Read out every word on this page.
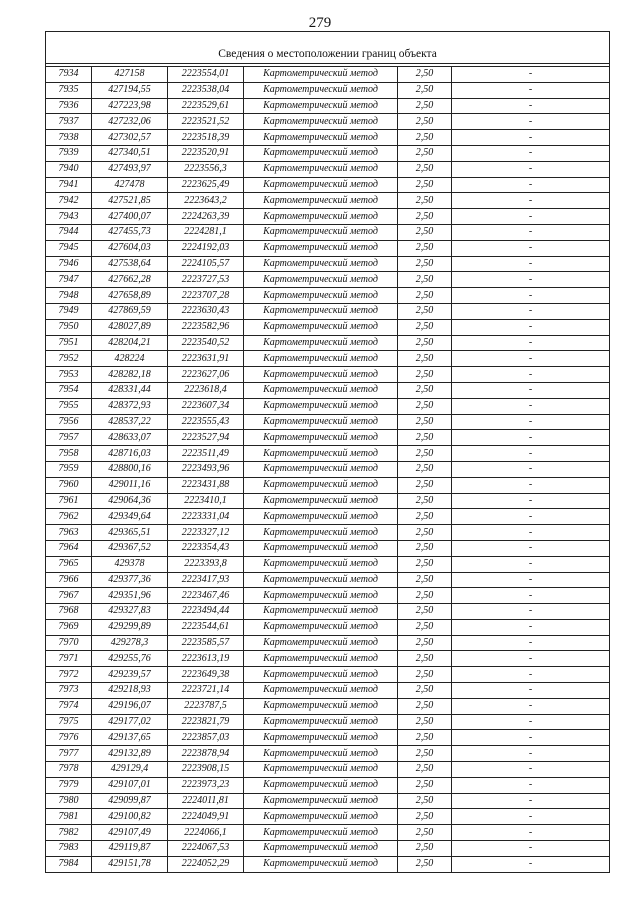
279
Сведения о местоположении границ объекта					

7934	427158	2223554,01	Картометрический метод	2,50	-
7935	427194,55	2223538,04	Картометрический метод	2,50	-
7936	427223,98	2223529,61	Картометрический метод	2,50	-
7937	427232,06	2223521,52	Картометрический метод	2,50	-
7938	427302,57	2223518,39	Картометрический метод	2,50	-
7939	427340,51	2223520,91	Картометрический метод	2,50	-
7940	427493,97	2223556,3	Картометрический метод	2,50	-
7941	427478	2223625,49	Картометрический метод	2,50	-
7942	427521,85	2223643,2	Картометрический метод	2,50	-
7943	427400,07	2224263,39	Картометрический метод	2,50	-
7944	427455,73	2224281,1	Картометрический метод	2,50	-
7945	427604,03	2224192,03	Картометрический метод	2,50	-
7946	427538,64	2224105,57	Картометрический метод	2,50	-
7947	427662,28	2223727,53	Картометрический метод	2,50	-
7948	427658,89	2223707,28	Картометрический метод	2,50	-
7949	427869,59	2223630,43	Картометрический метод	2,50	-
7950	428027,89	2223582,96	Картометрический метод	2,50	-
7951	428204,21	2223540,52	Картометрический метод	2,50	-
7952	428224	2223631,91	Картометрический метод	2,50	-
7953	428282,18	2223627,06	Картометрический метод	2,50	-
7954	428331,44	2223618,4	Картометрический метод	2,50	-
7955	428372,93	2223607,34	Картометрический метод	2,50	-
7956	428537,22	2223555,43	Картометрический метод	2,50	-
7957	428633,07	2223527,94	Картометрический метод	2,50	-
7958	428716,03	2223511,49	Картометрический метод	2,50	-
7959	428800,16	2223493,96	Картометрический метод	2,50	-
7960	429011,16	2223431,88	Картометрический метод	2,50	-
7961	429064,36	2223410,1	Картометрический метод	2,50	-
7962	429349,64	2223331,04	Картометрический метод	2,50	-
7963	429365,51	2223327,12	Картометрический метод	2,50	-
7964	429367,52	2223354,43	Картометрический метод	2,50	-
7965	429378	2223393,8	Картометрический метод	2,50	-
7966	429377,36	2223417,93	Картометрический метод	2,50	-
7967	429351,96	2223467,46	Картометрический метод	2,50	-
7968	429327,83	2223494,44	Картометрический метод	2,50	-
7969	429299,89	2223544,61	Картометрический метод	2,50	-
7970	429278,3	2223585,57	Картометрический метод	2,50	-
7971	429255,76	2223613,19	Картометрический метод	2,50	-
7972	429239,57	2223649,38	Картометрический метод	2,50	-
7973	429218,93	2223721,14	Картометрический метод	2,50	-
7974	429196,07	2223787,5	Картометрический метод	2,50	-
7975	429177,02	2223821,79	Картометрический метод	2,50	-
7976	429137,65	2223857,03	Картометрический метод	2,50	-
7977	429132,89	2223878,94	Картометрический метод	2,50	-
7978	429129,4	2223908,15	Картометрический метод	2,50	-
7979	429107,01	2223973,23	Картометрический метод	2,50	-
7980	429099,87	2224011,81	Картометрический метод	2,50	-
7981	429100,82	2224049,91	Картометрический метод	2,50	-
7982	429107,49	2224066,1	Картометрический метод	2,50	-
7983	429119,87	2224067,53	Картометрический метод	2,50	-
7984	429151,78	2224052,29	Картометрический метод	2,50	-
